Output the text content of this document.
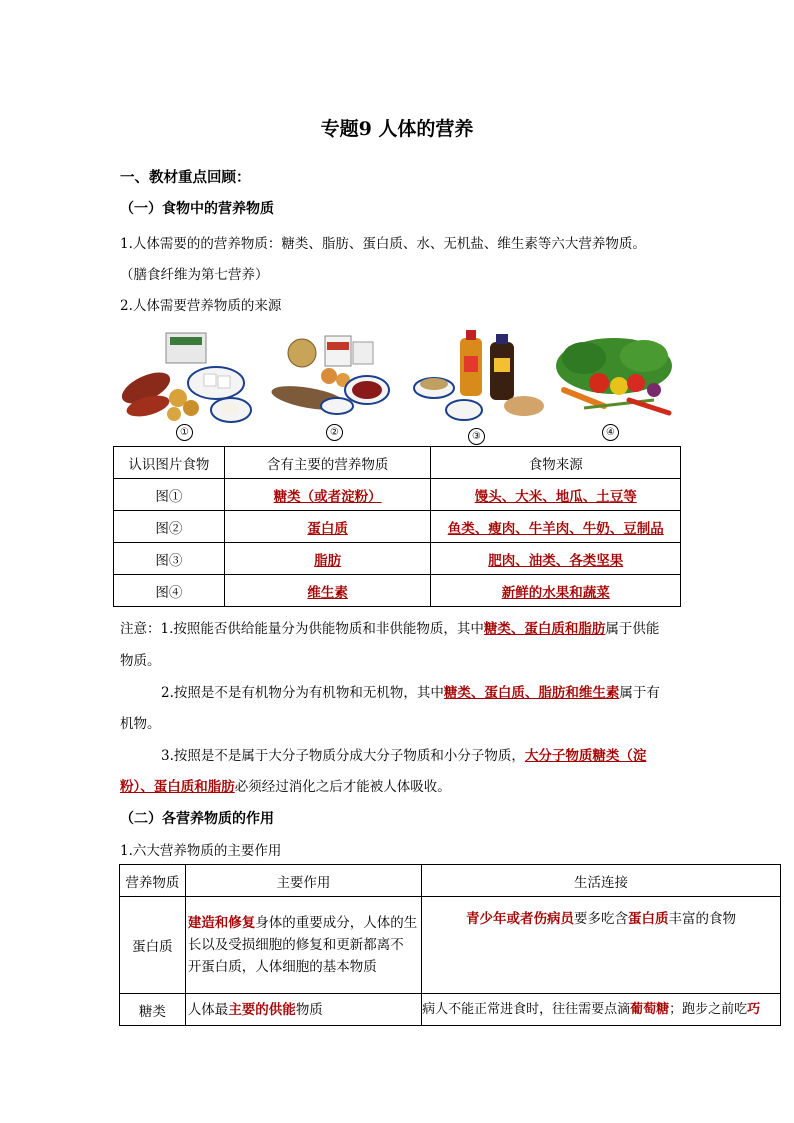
专题9 人体的营养
一、教材重点回顾：
（一）食物中的营养物质
1.人体需要的的营养物质：糖类、脂肪、蛋白质、水、无机盐、维生素等六大营养物质。
（膳食纤维为第七营养）
2.人体需要营养物质的来源
①	②	③	④
认识图片食物	含有主要的营养物质	食物来源
图①	糖类（或者淀粉）	馒头、大米、地瓜、土豆等
图②	蛋白质	鱼类、瘦肉、牛羊肉、牛奶、豆制品
图③	脂肪	肥肉、油类、各类坚果
图④	维生素	新鲜的水果和蔬菜
注意：1.按照能否供给能量分为供能物质和非供能物质，其中糖类、蛋白质和脂肪属于供能
物质。
2.按照是不是有机物分为有机物和无机物，其中糖类、蛋白质、脂肪和维生素属于有
机物。
3.按照是不是属于大分子物质分成大分子物质和小分子物质，大分子物质糖类（淀
粉）、蛋白质和脂肪必须经过消化之后才能被人体吸收。
（二）各营养物质的作用
1.六大营养物质的主要作用
营养物质	主要作用	生活连接
蛋白质	建造和修复身体的重要成分，人体的生
长以及受损细胞的修复和更新都离不
开蛋白质，人体细胞的基本物质	青少年或者伤病员要多吃含蛋白质丰富的食物
糖类	人体最主要的供能物质	病人不能正常进食时，往往需要点滴葡萄糖；跑步之前吃巧
